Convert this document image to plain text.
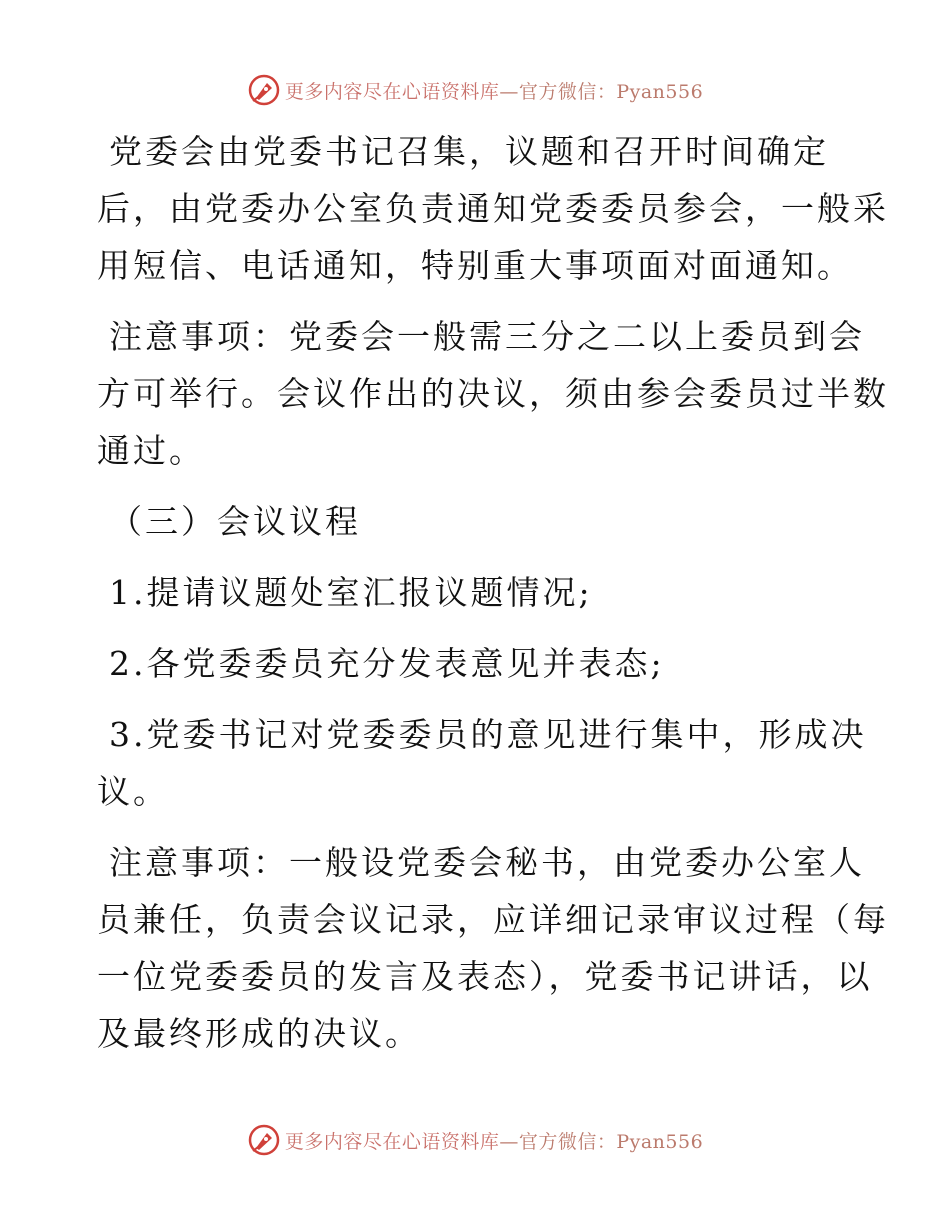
更多内容尽在心语资料库—官方微信：Pyan556

党委会由党委书记召集，议题和召开时间确定

后，由党委办公室负责通知党委委员参会，一般采

用短信、电话通知，特别重大事项面对面通知。

注意事项：党委会一般需三分之二以上委员到会

方可举行。会议作出的决议，须由参会委员过半数

通过。

（三）会议议程

1.提请议题处室汇报议题情况;

2.各党委委员充分发表意见并表态;

3.党委书记对党委委员的意见进行集中，形成决

议。

注意事项：一般设党委会秘书，由党委办公室人

员兼任，负责会议记录，应详细记录审议过程（每

一位党委委员的发言及表态），党委书记讲话，以

及最终形成的决议。

更多内容尽在心语资料库—官方微信：Pyan556
